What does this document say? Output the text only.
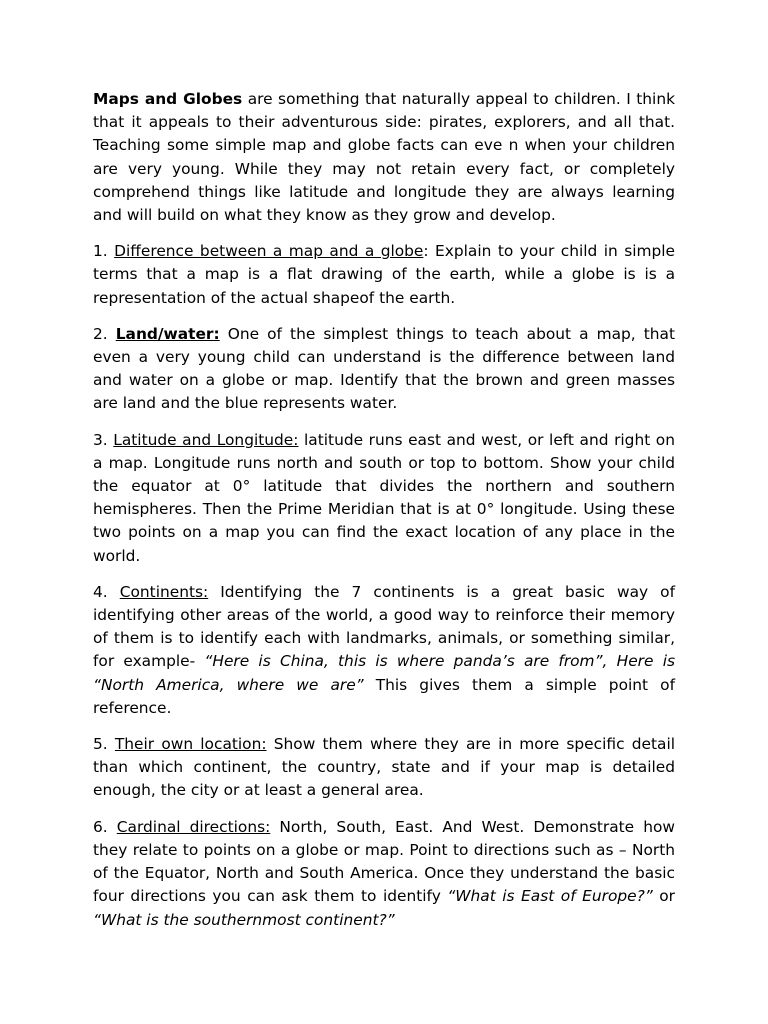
Maps and Globes are something that naturally appeal to children. I think that it appeals to their adventurous side: pirates, explorers, and all that. Teaching some simple map and globe facts can eve n when your children are very young. While they may not retain every fact, or completely comprehend things like latitude and longitude they are always learning and will build on what they know as they grow and develop.

1. Difference between a map and a globe: Explain to your child in simple terms that a map is a flat drawing of the earth, while a globe is is a representation of the actual shapeof the earth.

2. Land/water: One of the simplest things to teach about a map, that even a very young child can understand is the difference between land and water on a globe or map. Identify that the brown and green masses are land and the blue represents water.

3. Latitude and Longitude: latitude runs east and west, or left and right on a map. Longitude runs north and south or top to bottom. Show your child the equator at 0° latitude that divides the northern and southern hemispheres. Then the Prime Meridian that is at 0° longitude. Using these two points on a map you can find the exact location of any place in the world.

4. Continents: Identifying the 7 continents is a great basic way of identifying other areas of the world, a good way to reinforce their memory of them is to identify each with landmarks, animals, or something similar, for example- “Here is China, this is where panda’s are from”, Here is “North America, where we are” This gives them a simple point of reference.

5. Their own location: Show them where they are in more specific detail than which continent, the country, state and if your map is detailed enough, the city or at least a general area.

6. Cardinal directions: North, South, East. And West. Demonstrate how they relate to points on a globe or map. Point to directions such as – North of the Equator, North and South America. Once they understand the basic four directions you can ask them to identify “What is East of Europe?” or “What is the southernmost continent?”
